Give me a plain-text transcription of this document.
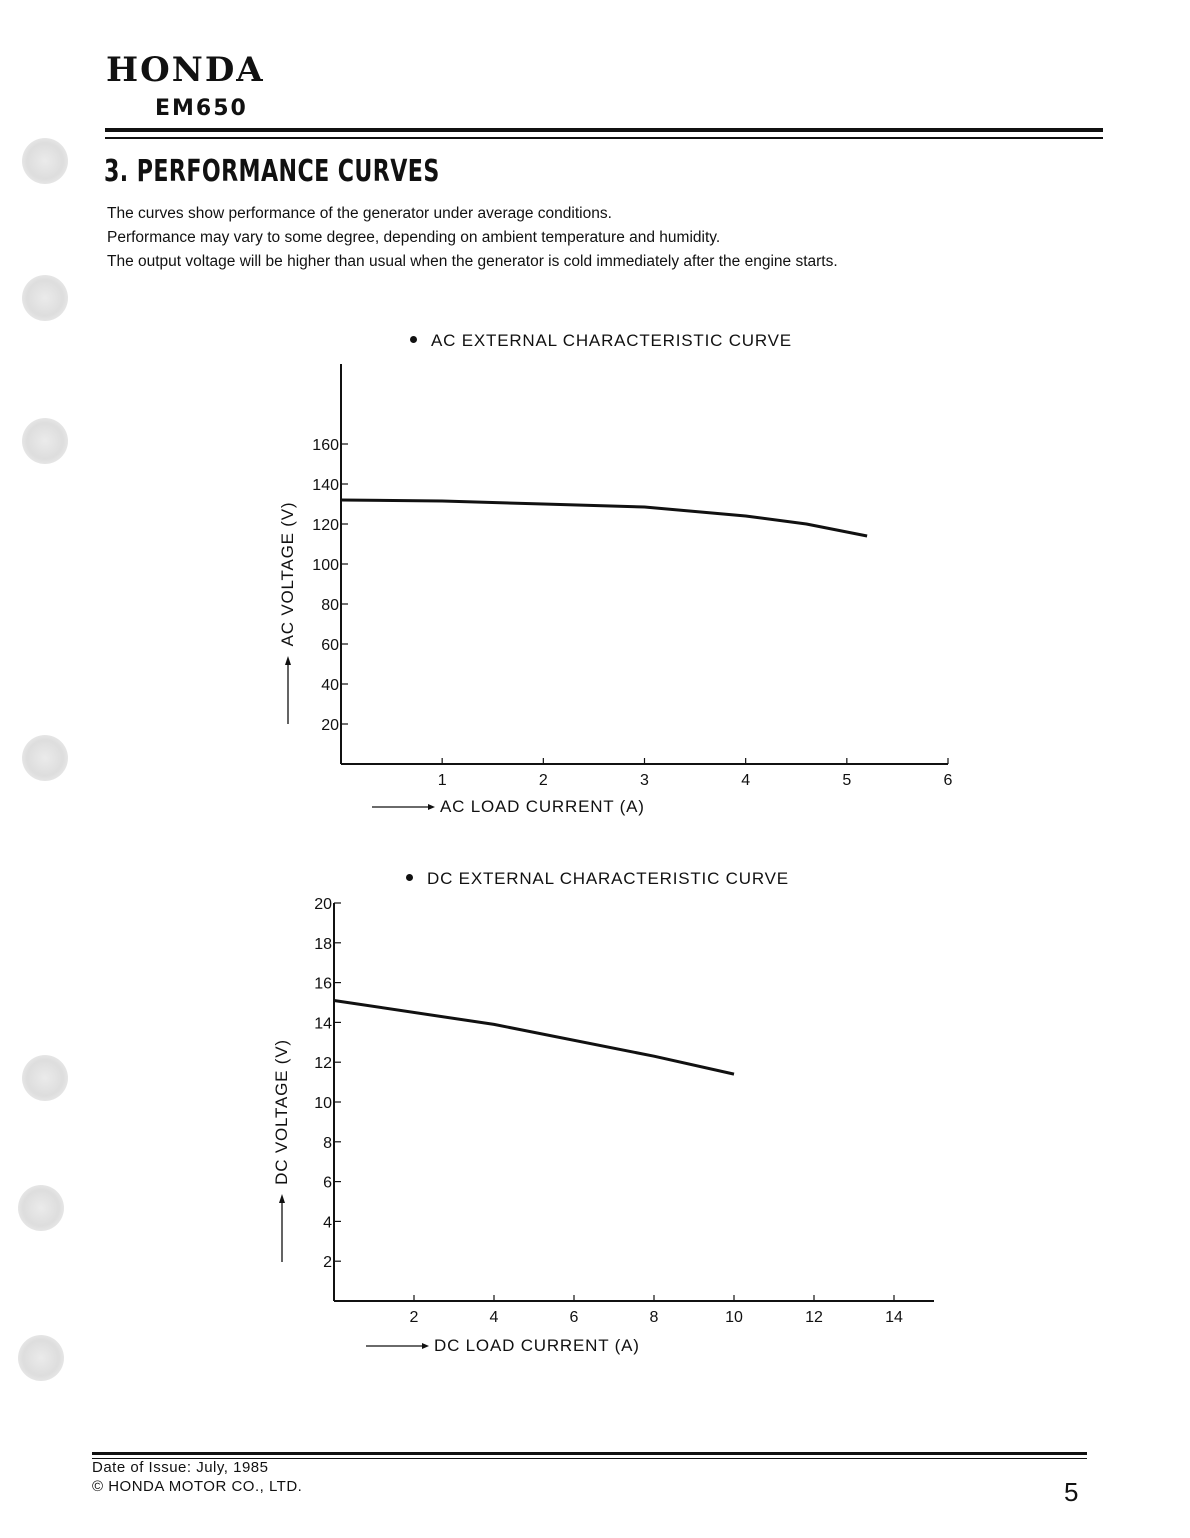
HONDA
EM650
3. PERFORMANCE CURVES
The curves show performance of the generator under average conditions.
Performance may vary to some degree, depending on ambient temperature and humidity.
The output voltage will be higher than usual when the generator is cold immediately after the engine starts.
AC EXTERNAL CHARACTERISTIC CURVE
20
40
60
80
100
120
140
160
1	2	3	4	5	6
AC LOAD CURRENT (A)
AC VOLTAGE (V)
DC EXTERNAL CHARACTERISTIC CURVE
2
4
6
8
10
12
14
16
18
20
2	4	6	8	10	12	14
DC LOAD CURRENT (A)
DC VOLTAGE (V)
Date of Issue: July, 1985
© HONDA MOTOR CO., LTD.	5
